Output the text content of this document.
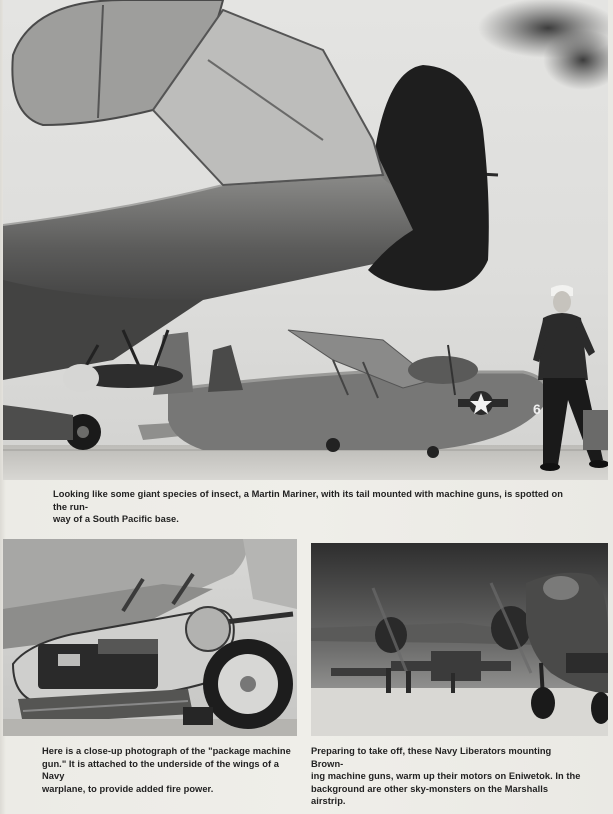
6

Looking like some giant species of insect, a Martin Mariner, with its tail mounted with machine guns, is spotted on the run-

way of a South Pacific base.

Here is a close-up photograph of the "package machine

gun." It is attached to the underside of the wings of a Navy

warplane, to provide added fire power.

Preparing to take off, these Navy Liberators mounting Brown-

ing machine guns, warm up their motors on Eniwetok. In the

background are other sky-monsters on the Marshalls airstrip.
